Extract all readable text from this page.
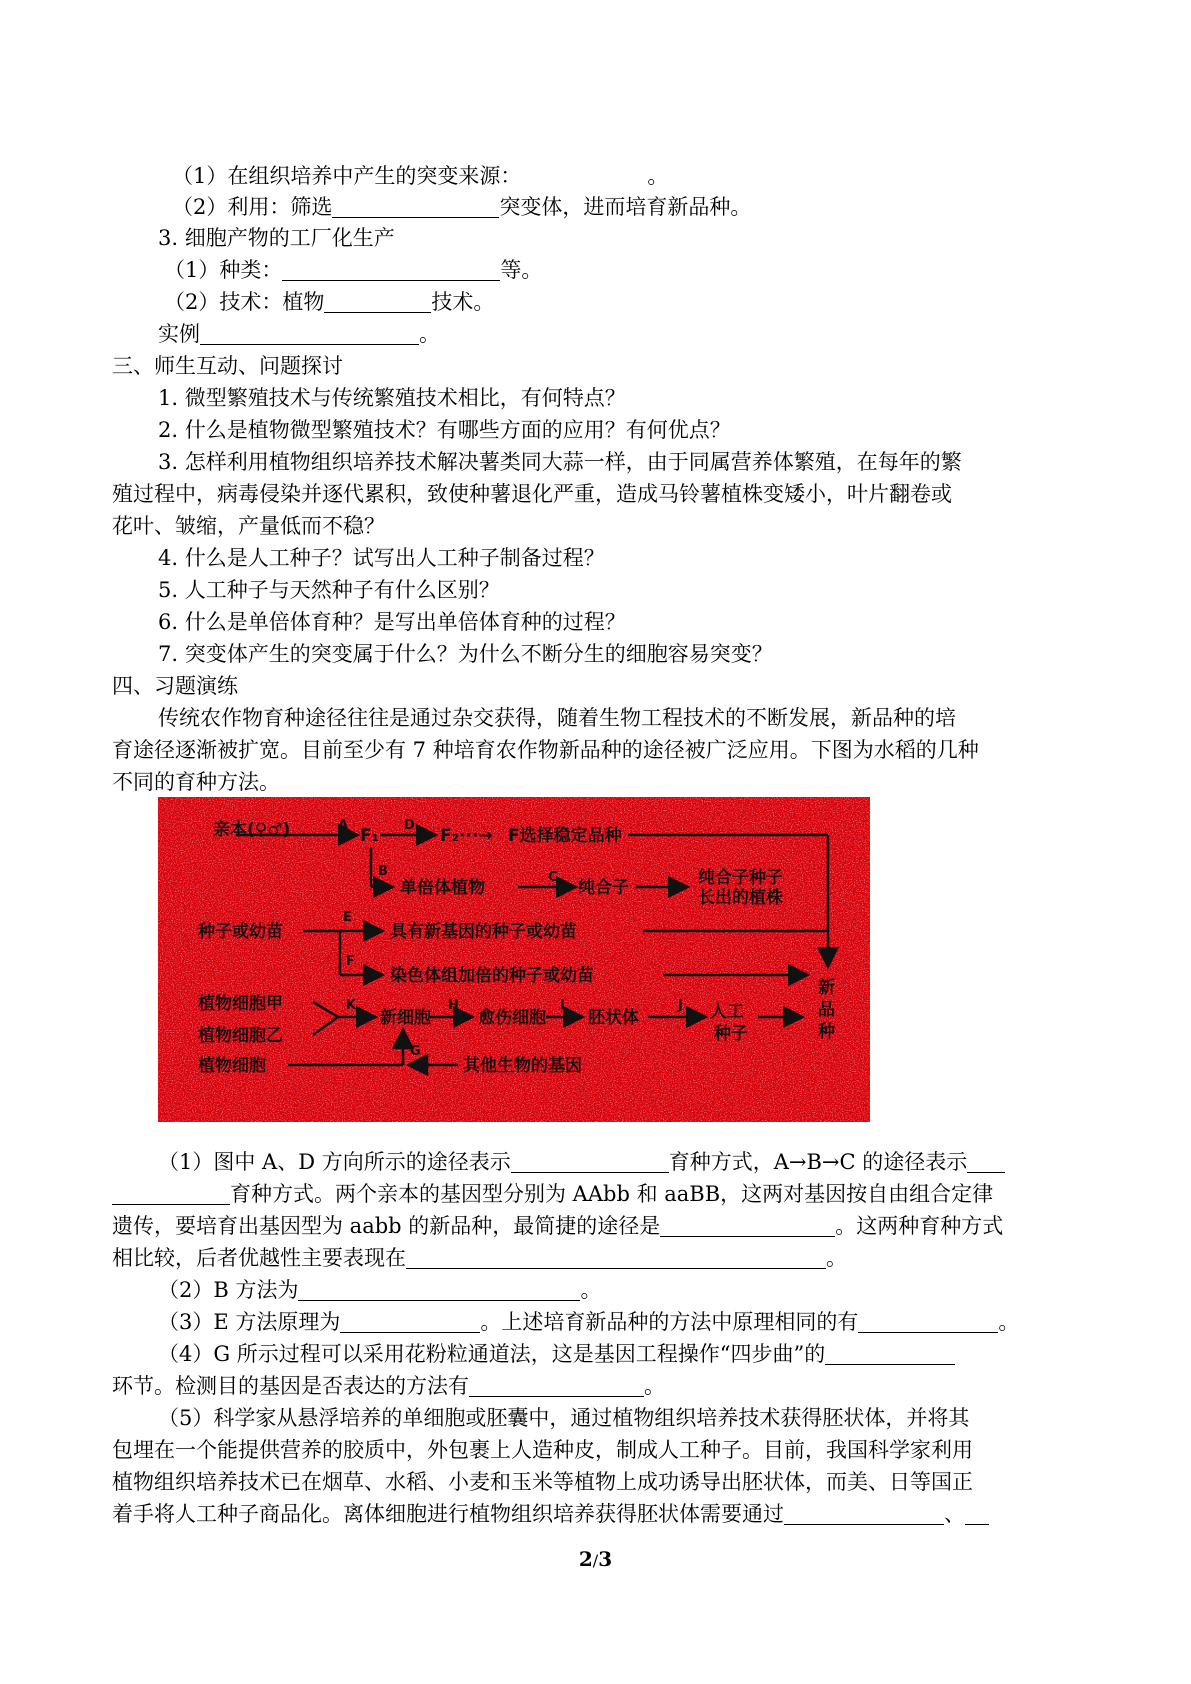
（1）在组织培养中产生的突变来源：	。
（2）利用：筛选	突变体，进而培育新品种。
3. 细胞产物的工厂化生产
（1）种类：	等。
（2）技术：植物	技术。
实例	。
三、师生互动、问题探讨
1. 微型繁殖技术与传统繁殖技术相比，有何特点？
2. 什么是植物微型繁殖技术？有哪些方面的应用？有何优点？
3. 怎样利用植物组织培养技术解决薯类同大蒜一样，由于同属营养体繁殖，在每年的繁
殖过程中，病毒侵染并逐代累积，致使种薯退化严重，造成马铃薯植株变矮小，叶片翻卷或
花叶、皱缩，产量低而不稳？
4. 什么是人工种子？试写出人工种子制备过程？
5. 人工种子与天然种子有什么区别？
6. 什么是单倍体育种？是写出单倍体育种的过程？
7. 突变体产生的突变属于什么？为什么不断分生的细胞容易突变？
四、习题演练
传统农作物育种途径往往是通过杂交获得，随着生物工程技术的不断发展，新品种的培
育途径逐渐被扩宽。目前至少有 7 种培育农作物新品种的途径被广泛应用。下图为水稻的几种
不同的育种方法。
亲本(♀♂)	A
F₁
D
F₂···→ F选择稳定品种
B
单倍体植物
C
纯合子	纯合子种子
长出的植株
种子或幼苗
E
具有新基因的种子或幼苗
F
染色体组加倍的种子或幼苗
植物细胞甲
植物细胞乙
植物细胞
K
新细胞
H
愈伤细胞
I
胚状体
J 人工
种子
G
其他生物的基因
新
品
种
（1）图中 A、D 方向所示的途径表示	育种方式，A→B→C 的途径表示
育种方式。两个亲本的基因型分别为 AAbb 和 aaBB，这两对基因按自由组合定律
遗传，要培育出基因型为 aabb 的新品种，最简捷的途径是	。这两种育种方式
相比较，后者优越性主要表现在	。
（2）B 方法为	。
（3）E 方法原理为	。上述培育新品种的方法中原理相同的有	。
（4）G 所示过程可以采用花粉粒通道法，这是基因工程操作“四步曲”的
环节。检测目的基因是否表达的方法有	。
（5）科学家从悬浮培养的单细胞或胚囊中，通过植物组织培养技术获得胚状体，并将其
包埋在一个能提供营养的胶质中，外包裹上人造种皮，制成人工种子。目前，我国科学家利用
植物组织培养技术已在烟草、水稻、小麦和玉米等植物上成功诱导出胚状体，而美、日等国正
着手将人工种子商品化。离体细胞进行植物组织培养获得胚状体需要通过	、
2/3
